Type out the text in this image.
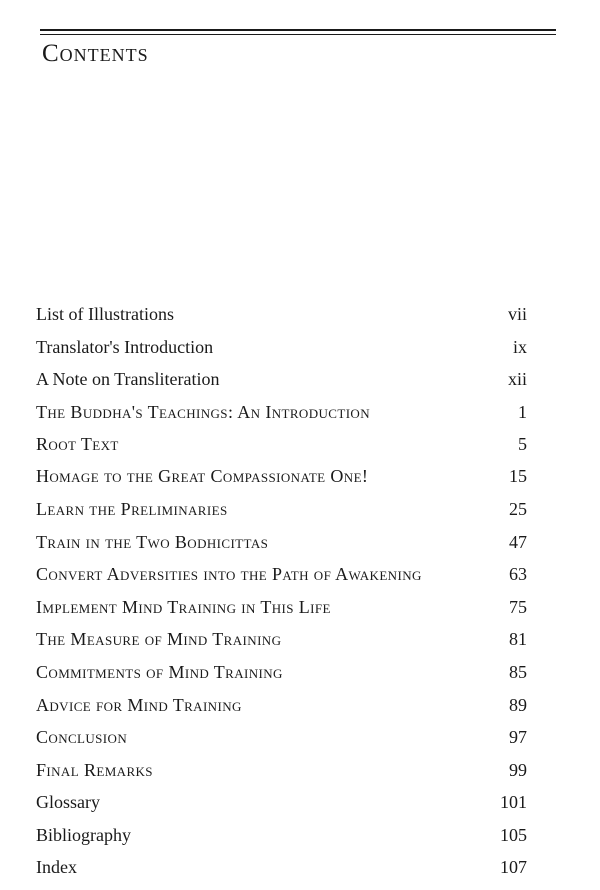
Contents
List of Illustrations	vii
Translator's Introduction	ix
A Note on Transliteration	xii
The Buddha's Teachings: An Introduction	1
Root Text	5
Homage to the Great Compassionate One!	15
Learn the Preliminaries	25
Train in the Two Bodhicittas	47
Convert Adversities into the Path of Awakening	63
Implement Mind Training in This Life	75
The Measure of Mind Training	81
Commitments of Mind Training	85
Advice for Mind Training	89
Conclusion	97
Final Remarks	99
Glossary	101
Bibliography	105
Index	107
